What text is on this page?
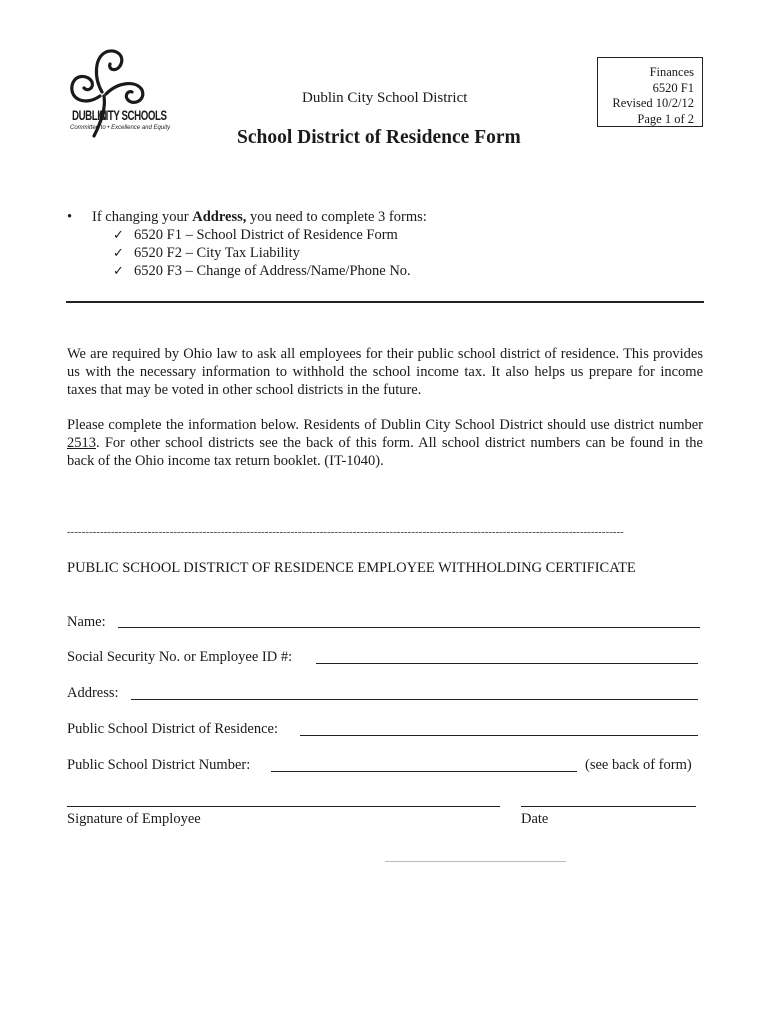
DUBLIN
CITY SCHOOLS
Committed to • Excellence and Equity
Dublin City School District
School District of Residence Form
Finances
6520 F1
Revised 10/2/12
Page 1 of 2
• If changing your Address, you need to complete 3 forms:
✓ 6520 F1 – School District of Residence Form
✓ 6520 F2 – City Tax Liability
✓ 6520 F3 – Change of Address/Name/Phone No.
We are required by Ohio law to ask all employees for their public school district of residence. This provides us with the necessary information to withhold the school income tax. It also helps us prepare for income taxes that may be voted in other school districts in the future.
Please complete the information below. Residents of Dublin City School District should use district number 2513. For other school districts see the back of this form. All school district numbers can be found in the back of the Ohio income tax return booklet. (IT-1040).
--------------------------------------------------------------------------------------------------------------------------------------------------------
PUBLIC SCHOOL DISTRICT OF RESIDENCE EMPLOYEE WITHHOLDING CERTIFICATE
Name:
Social Security No. or Employee ID #:
Address:
Public School District of Residence:
Public School District Number:	(see back of form)
Signature of Employee	Date
